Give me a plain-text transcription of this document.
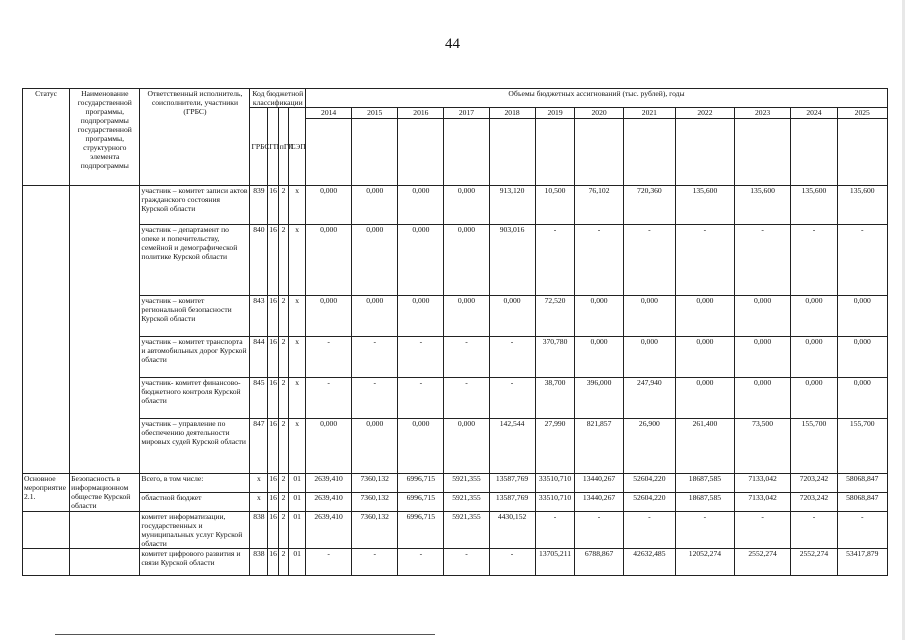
44
Статус	Наименование государственной программы, подпрограммы государственной программы, структурного элемента подпрограммы	Ответственный исполнитель, соисполнители, участники (ГРБС)	Код бюджетной классификации				Объемы бюджетных ассигнований (тыс. рублей), годы											
			ГРБС	ГП	пГП	СЭП	2014	2015	2016	2017	2018	2019	2020	2021	2022	2023	2024	2025

		участник – комитет записи актов гражданского состояния Курской области	839	16	2	х	0,000	0,000	0,000	0,000	913,120	10,500	76,102	720,360	135,600	135,600	135,600	135,600
		участник – департамент по опеке и попечительству, семейной и демографической политике Курской области	840	16	2	х	0,000	0,000	0,000	0,000	903,016	-	-	-	-	-	-	-
		участник – комитет региональной безопасности Курской области	843	16	2	х	0,000	0,000	0,000	0,000	0,000	72,520	0,000	0,000	0,000	0,000	0,000	0,000
		участник – комитет транспорта и автомобильных дорог Курской области	844	16	2	х	-	-	-	-	-	370,780	0,000	0,000	0,000	0,000	0,000	0,000
		участник- комитет финансово-бюджетного контроля Курской области	845	16	2	х	-	-	-	-	-	38,700	396,000	247,940	0,000	0,000	0,000	0,000
		участник – управление по обеспечению деятельности мировых судей Курской области	847	16	2	х	0,000	0,000	0,000	0,000	142,544	27,990	821,857	26,900	261,400	73,500	155,700	155,700
Основное мероприятие 2.1.	Безопасность в информационном обществе Курской области	Всего, в том числе:	х	16	2	01	2639,410	7360,132	6996,715	5921,355	13587,769	33510,710	13440,267	52604,220	18687,585	7133,042	7203,242	58068,847
		областной бюджет	х	16	2	01	2639,410	7360,132	6996,715	5921,355	13587,769	33510,710	13440,267	52604,220	18687,585	7133,042	7203,242	58068,847
		комитет информатизации, государственных и муниципальных услуг Курской области	838	16	2	01	2639,410	7360,132	6996,715	5921,355	4430,152	-	-	-	-	-	-	-
		комитет цифрового развития и связи Курской области	838	16	2	01	-	-	-	-	-	13705,211	6788,867	42632,485	12052,274	2552,274	2552,274	53417,879
